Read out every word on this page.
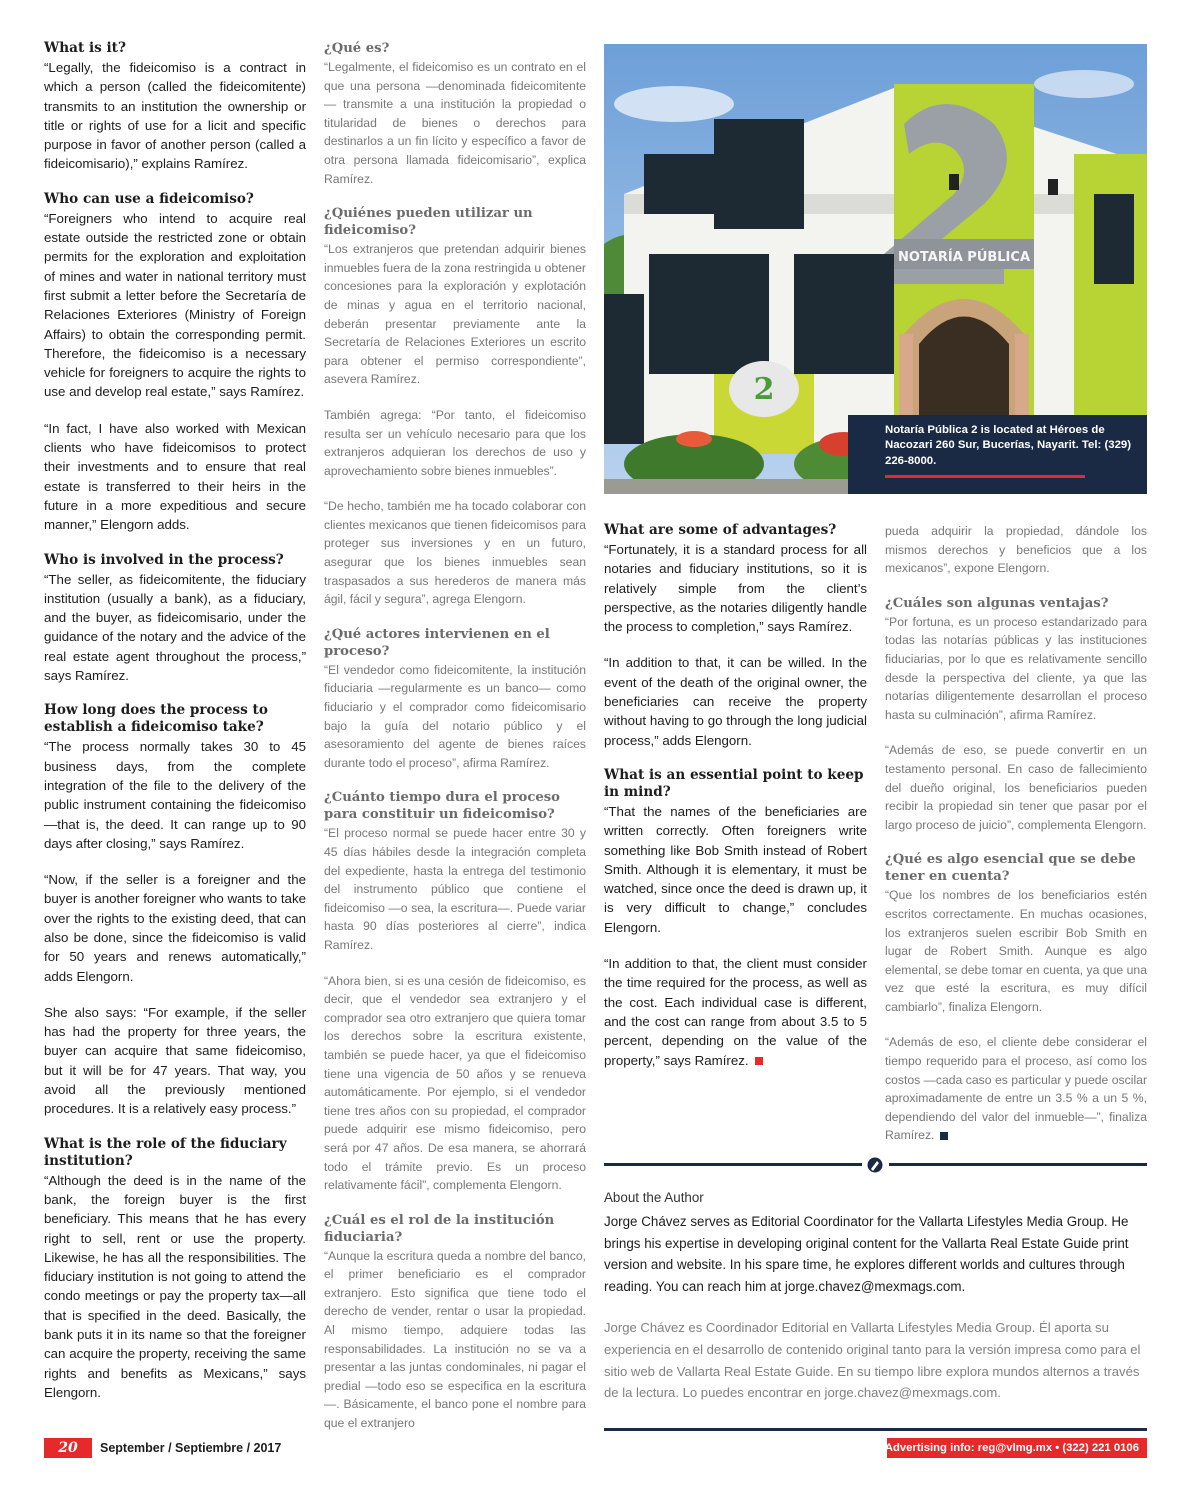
What is it?

“Legally, the fideicomiso is a contract in which a person (called the fideicomitente) transmits to an institution the ownership or title or rights of use for a licit and specific purpose in favor of another person (called a fideicomisario),” explains Ramírez.

Who can use a fideicomiso?

“Foreigners who intend to acquire real estate outside the restricted zone or obtain permits for the exploration and exploitation of mines and water in national territory must first submit a letter before the Secretaría de Relaciones Exteriores (Ministry of Foreign Affairs) to obtain the corresponding permit. Therefore, the fideicomiso is a necessary vehicle for foreigners to acquire the rights to use and develop real estate,” says Ramírez.

“In fact, I have also worked with Mexican clients who have fideicomisos to protect their investments and to ensure that real estate is transferred to their heirs in the future in a more expeditious and secure manner,” Elengorn adds.

Who is involved in the process?

“The seller, as fideicomitente, the fiduciary institution (usually a bank), as a fiduciary, and the buyer, as fideicomisario, under the guidance of the notary and the advice of the real estate agent throughout the process,” says Ramírez.

How long does the process to establish a fideicomiso take?

“The process normally takes 30 to 45 business days, from the complete integration of the file to the delivery of the public instrument containing the fideicomiso—that is, the deed. It can range up to 90 days after closing,” says Ramírez.

“Now, if the seller is a foreigner and the buyer is another foreigner who wants to take over the rights to the existing deed, that can also be done, since the fideicomiso is valid for 50 years and renews automatically,” adds Elengorn.

She also says: “For example, if the seller has had the property for three years, the buyer can acquire that same fideicomiso, but it will be for 47 years. That way, you avoid all the previously mentioned procedures. It is a relatively easy process.”

What is the role of the fiduciary institution?

“Although the deed is in the name of the bank, the foreign buyer is the first beneficiary. This means that he has every right to sell, rent or use the property. Likewise, he has all the responsibilities. The fiduciary institution is not going to attend the condo meetings or pay the property tax—all that is specified in the deed. Basically, the bank puts it in its name so that the foreigner can acquire the property, receiving the same rights and benefits as Mexicans,” says Elengorn.

¿Qué es?

“Legalmente, el fideicomiso es un contrato en el que una persona —denominada fideicomitente— transmite a una institución la propiedad o titularidad de bienes o derechos para destinarlos a un fin lícito y específico a favor de otra persona llamada fideicomisario”, explica Ramírez.

¿Quiénes pueden utilizar un fideicomiso?

“Los extranjeros que pretendan adquirir bienes inmuebles fuera de la zona restringida u obtener concesiones para la exploración y explotación de minas y agua en el territorio nacional, deberán presentar previamente ante la Secretaría de Relaciones Exteriores un escrito para obtener el permiso correspondiente”, asevera Ramírez.

También agrega: “Por tanto, el fideicomiso resulta ser un vehículo necesario para que los extranjeros adquieran los derechos de uso y aprovechamiento sobre bienes inmuebles”.

“De hecho, también me ha tocado colaborar con clientes mexicanos que tienen fideicomisos para proteger sus inversiones y en un futuro, asegurar que los bienes inmuebles sean traspasados a sus herederos de manera más ágil, fácil y segura”, agrega Elengorn.

¿Qué actores intervienen en el proceso?

“El vendedor como fideicomitente, la institución fiduciaria —regularmente es un banco— como fiduciario y el comprador como fideicomisario bajo la guía del notario público y el asesoramiento del agente de bienes raíces durante todo el proceso”, afirma Ramírez.

¿Cuánto tiempo dura el proceso para constituir un fideicomiso?

“El proceso normal se puede hacer entre 30 y 45 días hábiles desde la integración completa del expediente, hasta la entrega del testimonio del instrumento público que contiene el fideicomiso —o sea, la escritura—. Puede variar hasta 90 días posteriores al cierre”, indica Ramírez.

“Ahora bien, si es una cesión de fideicomiso, es decir, que el vendedor sea extranjero y el comprador sea otro extranjero que quiera tomar los derechos sobre la escritura existente, también se puede hacer, ya que el fideicomiso tiene una vigencia de 50 años y se renueva automáticamente. Por ejemplo, si el vendedor tiene tres años con su propiedad, el comprador puede adquirir ese mismo fideicomiso, pero será por 47 años. De esa manera, se ahorrará todo el trámite previo. Es un proceso relativamente fácil”, complementa Elengorn.

¿Cuál es el rol de la institución fiduciaria?

“Aunque la escritura queda a nombre del banco, el primer beneficiario es el comprador extranjero. Esto significa que tiene todo el derecho de vender, rentar o usar la propiedad. Al mismo tiempo, adquiere todas las responsabilidades. La institución no se va a presentar a las juntas condominales, ni pagar el predial —todo eso se especifica en la escritura—. Básicamente, el banco pone el nombre para que el extranjero

NOTARÍA PÚBLICA
2
Notaría Pública 2 is located at Héroes de Nacozari 260 Sur, Bucerías, Nayarit. Tel: (329) 226-8000.
What are some of advantages?

“Fortunately, it is a standard process for all notaries and fiduciary institutions, so it is relatively simple from the client’s perspective, as the notaries diligently handle the process to completion,” says Ramírez.

“In addition to that, it can be willed. In the event of the death of the original owner, the beneficiaries can receive the property without having to go through the long judicial process,” adds Elengorn.

What is an essential point to keep in mind?

“That the names of the beneficiaries are written correctly. Often foreigners write something like Bob Smith instead of Robert Smith. Although it is elementary, it must be watched, since once the deed is drawn up, it is very difficult to change,” concludes Elengorn.

“In addition to that, the client must consider the time required for the process, as well as the cost. Each individual case is different, and the cost can range from about 3.5 to 5 percent, depending on the value of the property,” says Ramírez.

pueda adquirir la propiedad, dándole los mismos derechos y beneficios que a los mexicanos”, expone Elengorn.

¿Cuáles son algunas ventajas?

“Por fortuna, es un proceso estandarizado para todas las notarías públicas y las instituciones fiduciarias, por lo que es relativamente sencillo desde la perspectiva del cliente, ya que las notarías diligentemente desarrollan el proceso hasta su culminación”, afirma Ramírez.

“Además de eso, se puede convertir en un testamento personal. En caso de fallecimiento del dueño original, los beneficiarios pueden recibir la propiedad sin tener que pasar por el largo proceso de juicio”, complementa Elengorn.

¿Qué es algo esencial que se debe tener en cuenta?

“Que los nombres de los beneficiarios estén escritos correctamente. En muchas ocasiones, los extranjeros suelen escribir Bob Smith en lugar de Robert Smith. Aunque es algo elemental, se debe tomar en cuenta, ya que una vez que esté la escritura, es muy difícil cambiarlo”, finaliza Elengorn.

“Además de eso, el cliente debe considerar el tiempo requerido para el proceso, así como los costos —cada caso es particular y puede oscilar aproximadamente de entre un 3.5 % a un 5 %, dependiendo del valor del inmueble—”, finaliza Ramírez.

About the Author

Jorge Chávez serves as Editorial Coordinator for the Vallarta Lifestyles Media Group. He brings his expertise in developing original content for the Vallarta Real Estate Guide print version and website. In his spare time, he explores different worlds and cultures through reading. You can reach him at jorge.chavez@mexmags.com.

Jorge Chávez es Coordinador Editorial en Vallarta Lifestyles Media Group. Él aporta su experiencia en el desarrollo de contenido original tanto para la versión impresa como para el sitio web de Vallarta Real Estate Guide. En su tiempo libre explora mundos alternos a través de la lectura. Lo puedes encontrar en jorge.chavez@mexmags.com.

20	September / Septiembre / 2017	Advertising info: reg@vlmg.mx • (322) 221 0106
